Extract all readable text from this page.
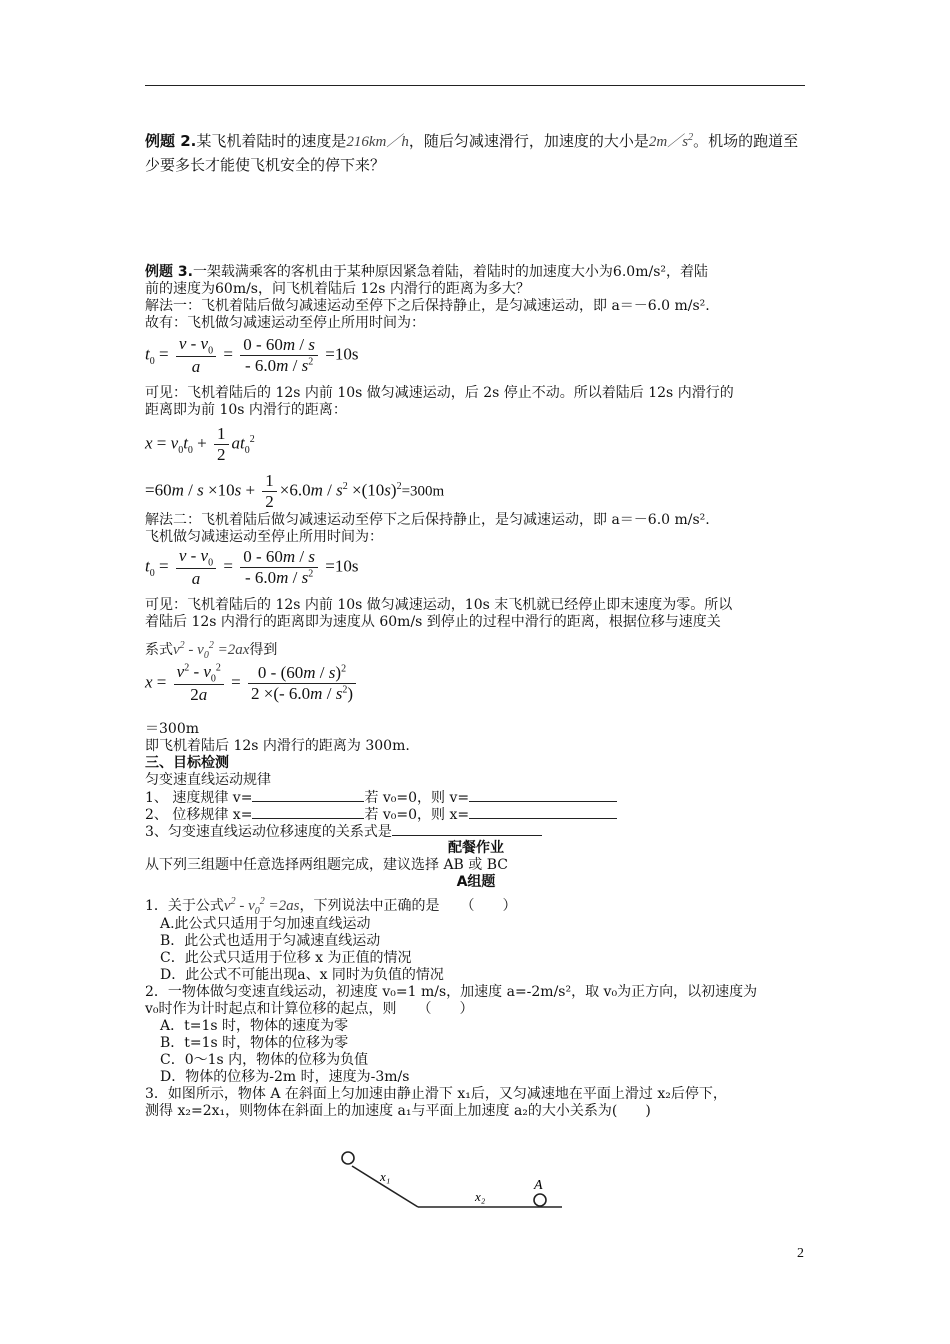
例题 2.某飞机着陆时的速度是216km／h，随后匀减速滑行，加速度的大小是$2m/s^2$。机场的跑道至少要多长才能使飞机安全的停下来？
例题 3.一架载满乘客的客机由于某种原因紧急着陆，着陆时的加速度大小为6.0m/s²，着陆
前的速度为60m/s，问飞机着陆后 12s 内滑行的距离为多大？
解法一：飞机着陆后做匀减速运动至停下之后保持静止，是匀减速运动，即 a＝－6.0 m/s².
故有：飞机做匀减速运动至停止所用时间为：
$t_0 = \frac{v - v_0}{a} = \frac{0 - 60m / s}{- 6.0m / s^2} =10s$
可见：飞机着陆后的 12s 内前 10s 做匀减速运动，后 2s 停止不动。所以着陆后 12s 内滑行的
距离即为前 10s 内滑行的距离：
$x = v_0t_0 + \frac{1}{2} at_0^2$
$=60m / s \times 10s + \frac{1}{2} \times 6.0m / s^2 \times(10s)^2=300m$
解法二：飞机着陆后做匀减速运动至停下之后保持静止，是匀减速运动，即 a＝－6.0 m/s².
飞机做匀减速运动至停止所用时间为：
$t_0 = \frac{v - v_0}{a} = \frac{0 - 60m / s}{- 6.0m / s^2} =10s$
可见：飞机着陆后的 12s 内前 10s 做匀减速运动，10s 末飞机就已经停止即末速度为零。所以
着陆后 12s 内滑行的距离即为速度从 60m/s 到停止的过程中滑行的距离，根据位移与速度关
系式$v^2 - v_0^2 =2ax$得到
$x = \frac{v^2 - v_0^2}{2a} = \frac{0 - (60m / s)^2}{2 \times(- 6.0m / s^2)}$
＝300m
即飞机着陆后 12s 内滑行的距离为 300m.
三、目标检测
匀变速直线运动规律
1、 速度规律 v=	若 v₀=0，则 v=
2、 位移规律 x=	若 v₀=0，则 x=
3、匀变速直线运动位移速度的关系式是
配餐作业
从下列三组题中任意选择两组题完成，建议选择 AB 或 BC
A组题
1．关于公式$v^2 - v_0^2 =2as$，下列说法中正确的是　　（　　）
A.此公式只适用于匀加速直线运动
B．此公式也适用于匀减速直线运动
C．此公式只适用于位移 x 为正值的情况
D．此公式不可能出现a、x 同时为负值的情况
2．一物体做匀变速直线运动，初速度 v₀=1 m/s，加速度 a=-2m/s²，取 v₀为正方向，以初速度为
v₀时作为计时起点和计算位移的起点，则　　（　　）
A．t=1s 时，物体的速度为零
B．t=1s 时，物体的位移为零
C．0～1s 内，物体的位移为负值
D．物体的位移为-2m 时，速度为-3m/s
3．如图所示，物体 A 在斜面上匀加速由静止滑下 x₁后，又匀减速地在平面上滑过 x₂后停下，
测得 x₂=2x₁，则物体在斜面上的加速度 a₁与平面上加速度 a₂的大小关系为(　　)
x₁
x₂
A
2
